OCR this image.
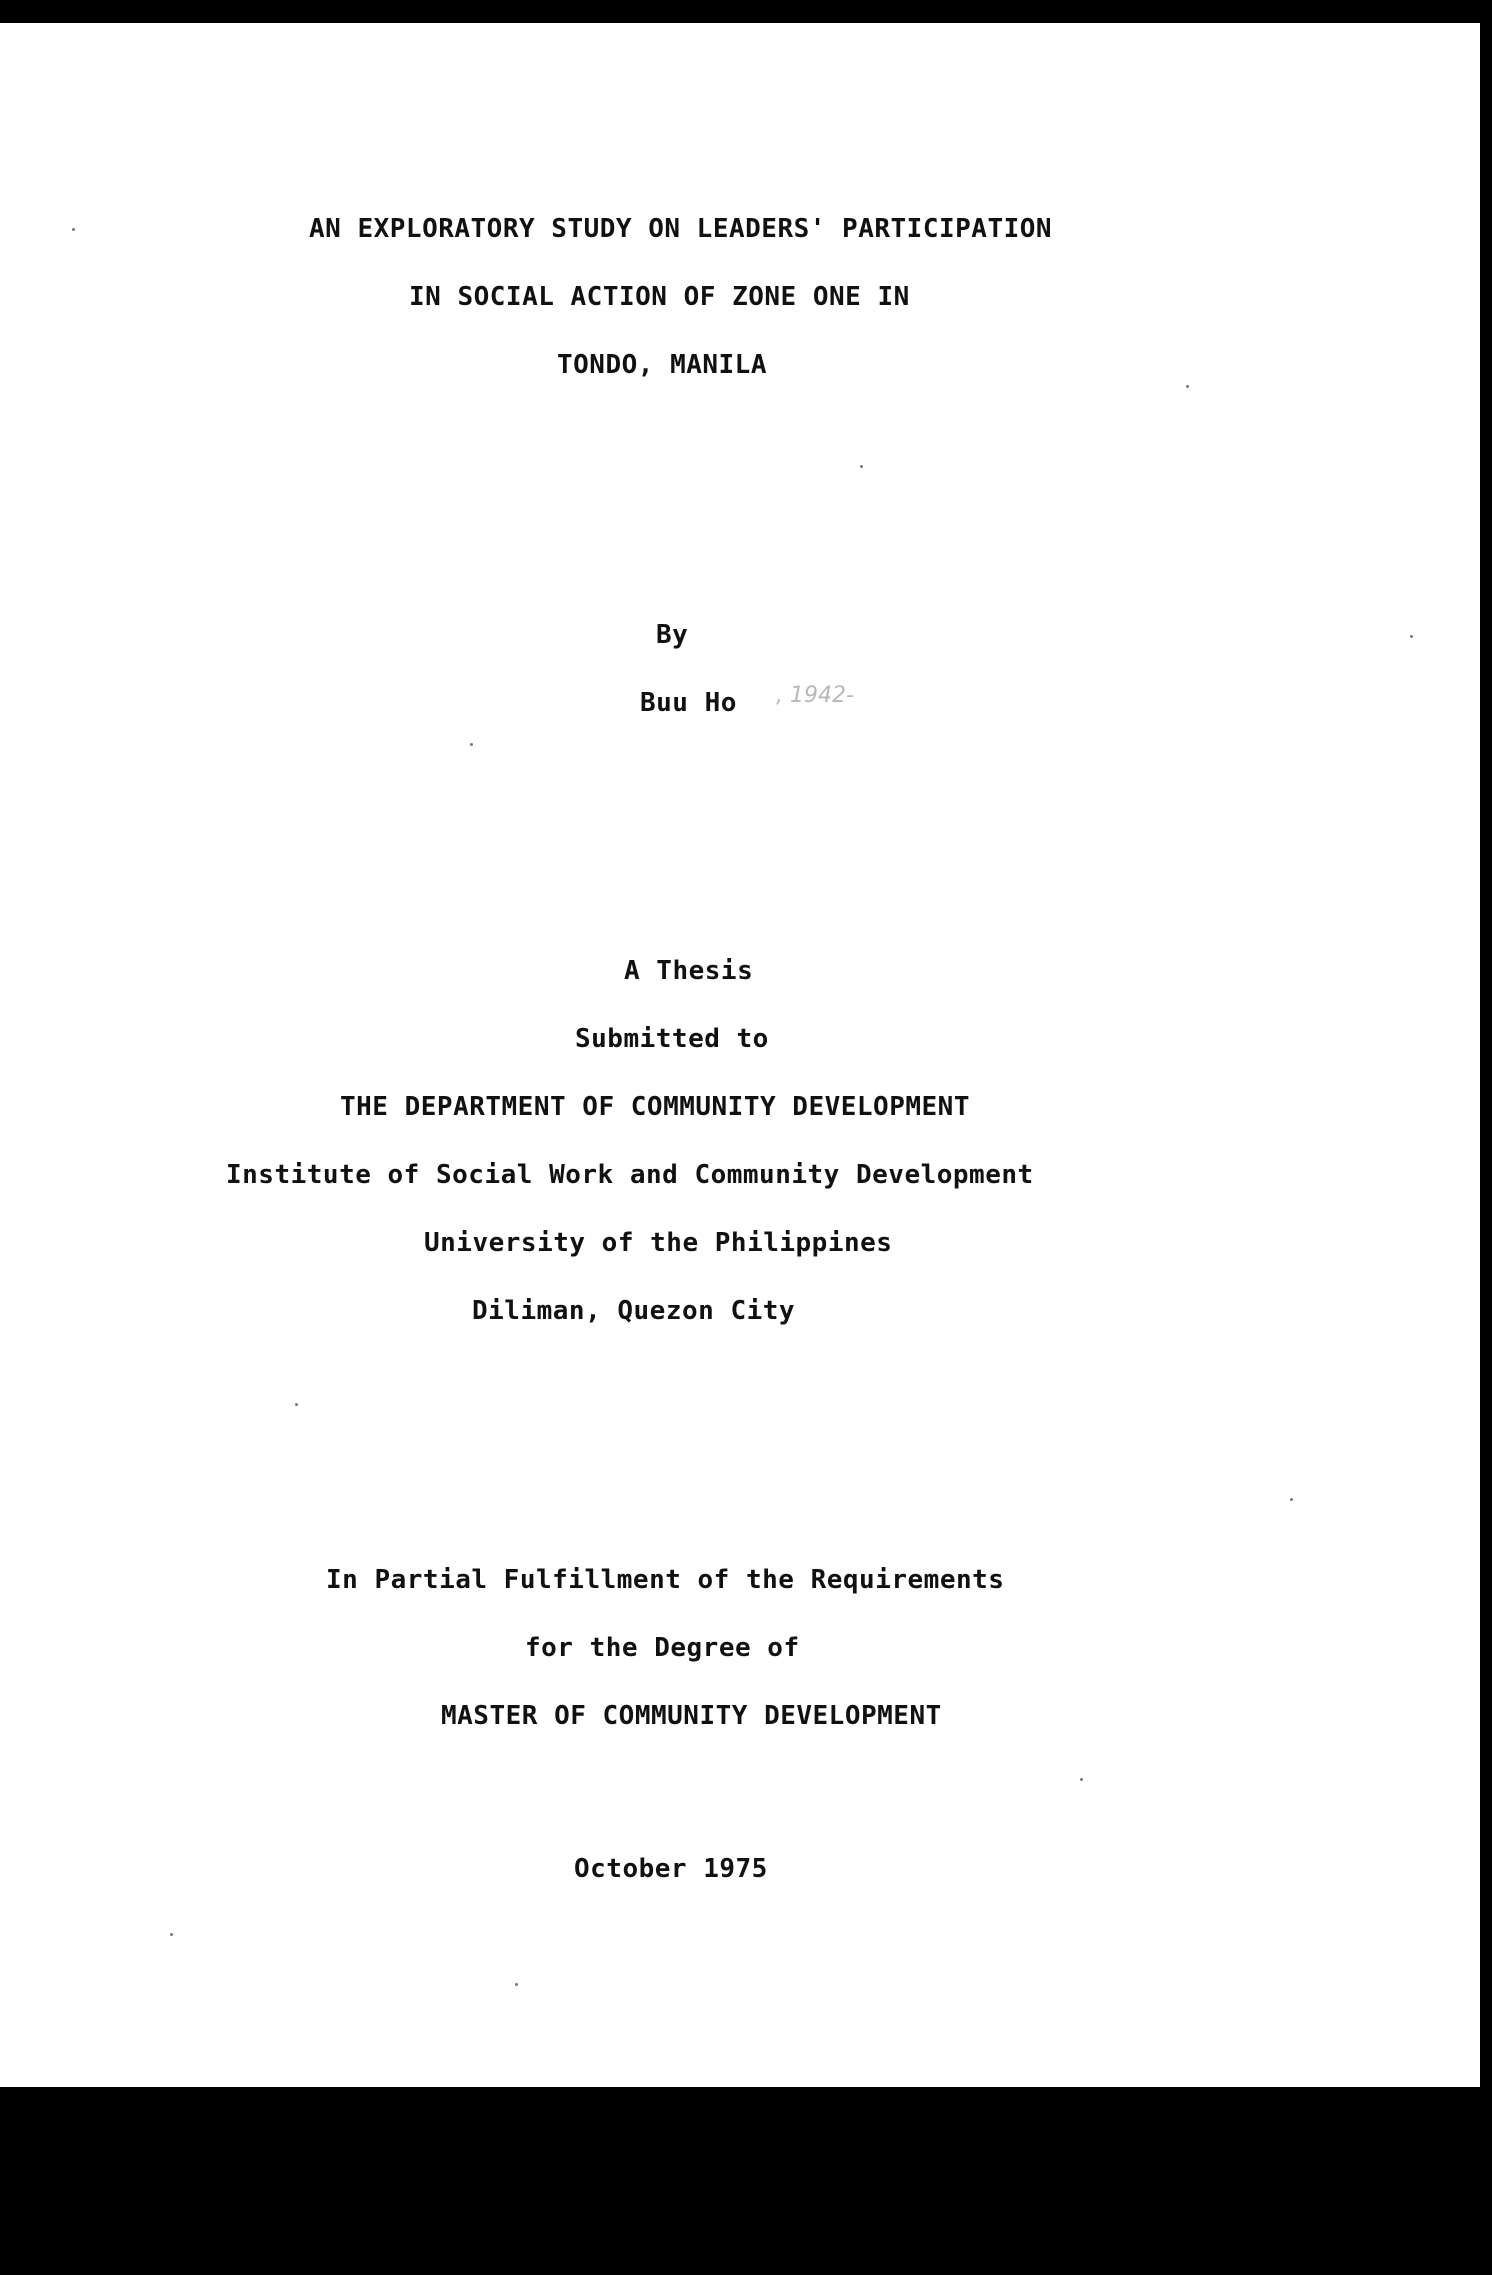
AN EXPLORATORY STUDY ON LEADERS' PARTICIPATION
IN SOCIAL ACTION OF ZONE ONE IN
TONDO, MANILA
By
Buu Ho , 1942-
A Thesis
Submitted to
THE DEPARTMENT OF COMMUNITY DEVELOPMENT
Institute of Social Work and Community Development
University of the Philippines
Diliman, Quezon City
In Partial Fulfillment of the Requirements
for the Degree of
MASTER OF COMMUNITY DEVELOPMENT
October 1975
